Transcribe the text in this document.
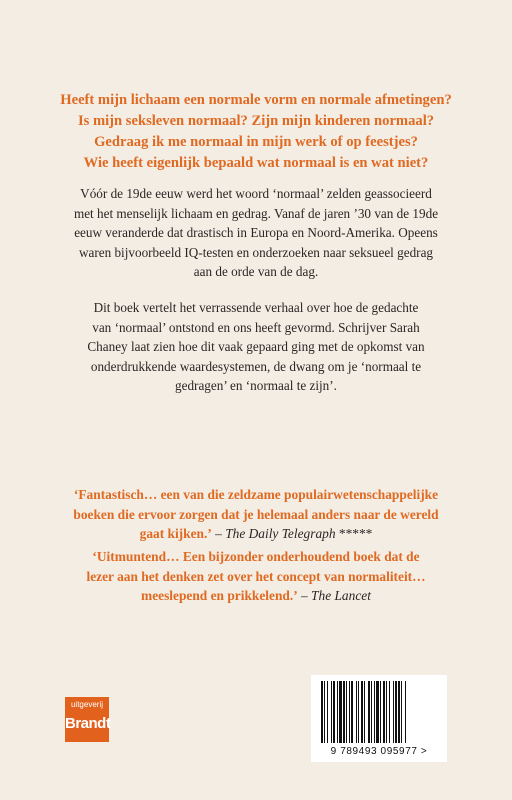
Heeft mijn lichaam een normale vorm en normale afmetingen?
Is mijn seksleven normaal? Zijn mijn kinderen normaal?
Gedraag ik me normaal in mijn werk of op feestjes?
Wie heeft eigenlijk bepaald wat normaal is en wat niet?

Vóór de 19de eeuw werd het woord ‘normaal’ zelden geassocieerd
met het menselijk lichaam en gedrag. Vanaf de jaren ’30 van de 19de
eeuw veranderde dat drastisch in Europa en Noord-Amerika. Opeens
waren bijvoorbeeld IQ-testen en onderzoeken naar seksueel gedrag
aan de orde van de dag.

Dit boek vertelt het verrassende verhaal over hoe de gedachte
van ‘normaal’ ontstond en ons heeft gevormd. Schrijver Sarah
Chaney laat zien hoe dit vaak gepaard ging met de opkomst van
onderdrukkende waardesystemen, de dwang om je ‘normaal te
gedragen’ en ‘normaal te zijn’.

‘Fantastisch… een van die zeldzame populairwetenschappelijke
boeken die ervoor zorgen dat je helemaal anders naar de wereld
gaat kijken.’ – The Daily Telegraph *****
‘Uitmuntend… Een bijzonder onderhoudend boek dat de
lezer aan het denken zet over het concept van normaliteit…
meeslepend en prikkelend.’ – The Lancet
uitgeverij
Brandt
9 789493 095977 >
